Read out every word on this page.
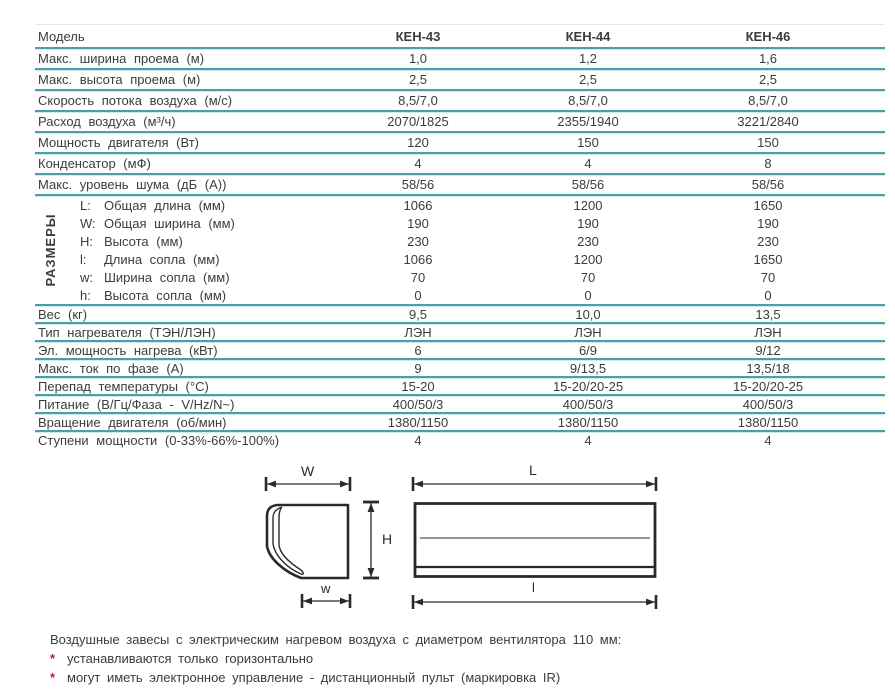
Модель	КЕН-43	КЕН-44	КЕН-46
Макс. ширина проема (м)	1,0	1,2	1,6
Макс. высота проема (м)	2,5	2,5	2,5
Скорость потока воздуха (м/с)	8,5/7,0	8,5/7,0	8,5/7,0
Расход воздуха (м³/ч)	2070/1825	2355/1940	3221/2840
Мощность двигателя (Вт)	120	150	150
Конденсатор (мФ)	4	4	8
Макс. уровень шума (дБ (А))	58/56	58/56	58/56
РАЗМЕРЫ
L: Общая длина (мм)	1066	1200	1650
W: Общая ширина (мм)	190	190	190
H: Высота (мм)	230	230	230
l: Длина сопла (мм)	1066	1200	1650
w: Ширина сопла (мм)	70	70	70
h: Высота сопла (мм)	0	0	0
Вес (кг)	9,5	10,0	13,5
Тип нагревателя (ТЭН/ЛЭН)	ЛЭН	ЛЭН	ЛЭН
Эл. мощность нагрева (кВт)	6	6/9	9/12
Макс. ток по фазе (А)	9	9/13,5	13,5/18
Перепад температуры (°С)	15-20	15-20/20-25	15-20/20-25
Питание (В/Гц/Фаза - V/Hz/N~)	400/50/3	400/50/3	400/50/3
Вращение двигателя (об/мин)	1380/1150	1380/1150	1380/1150
Ступени мощности (0-33%-66%-100%)	4	4	4
W
H
w
L
l
Воздушные завесы с электрическим нагревом воздуха с диаметром вентилятора 110 мм:
* устанавливаются только горизонтально
* могут иметь электронное управление - дистанционный пульт (маркировка IR)
